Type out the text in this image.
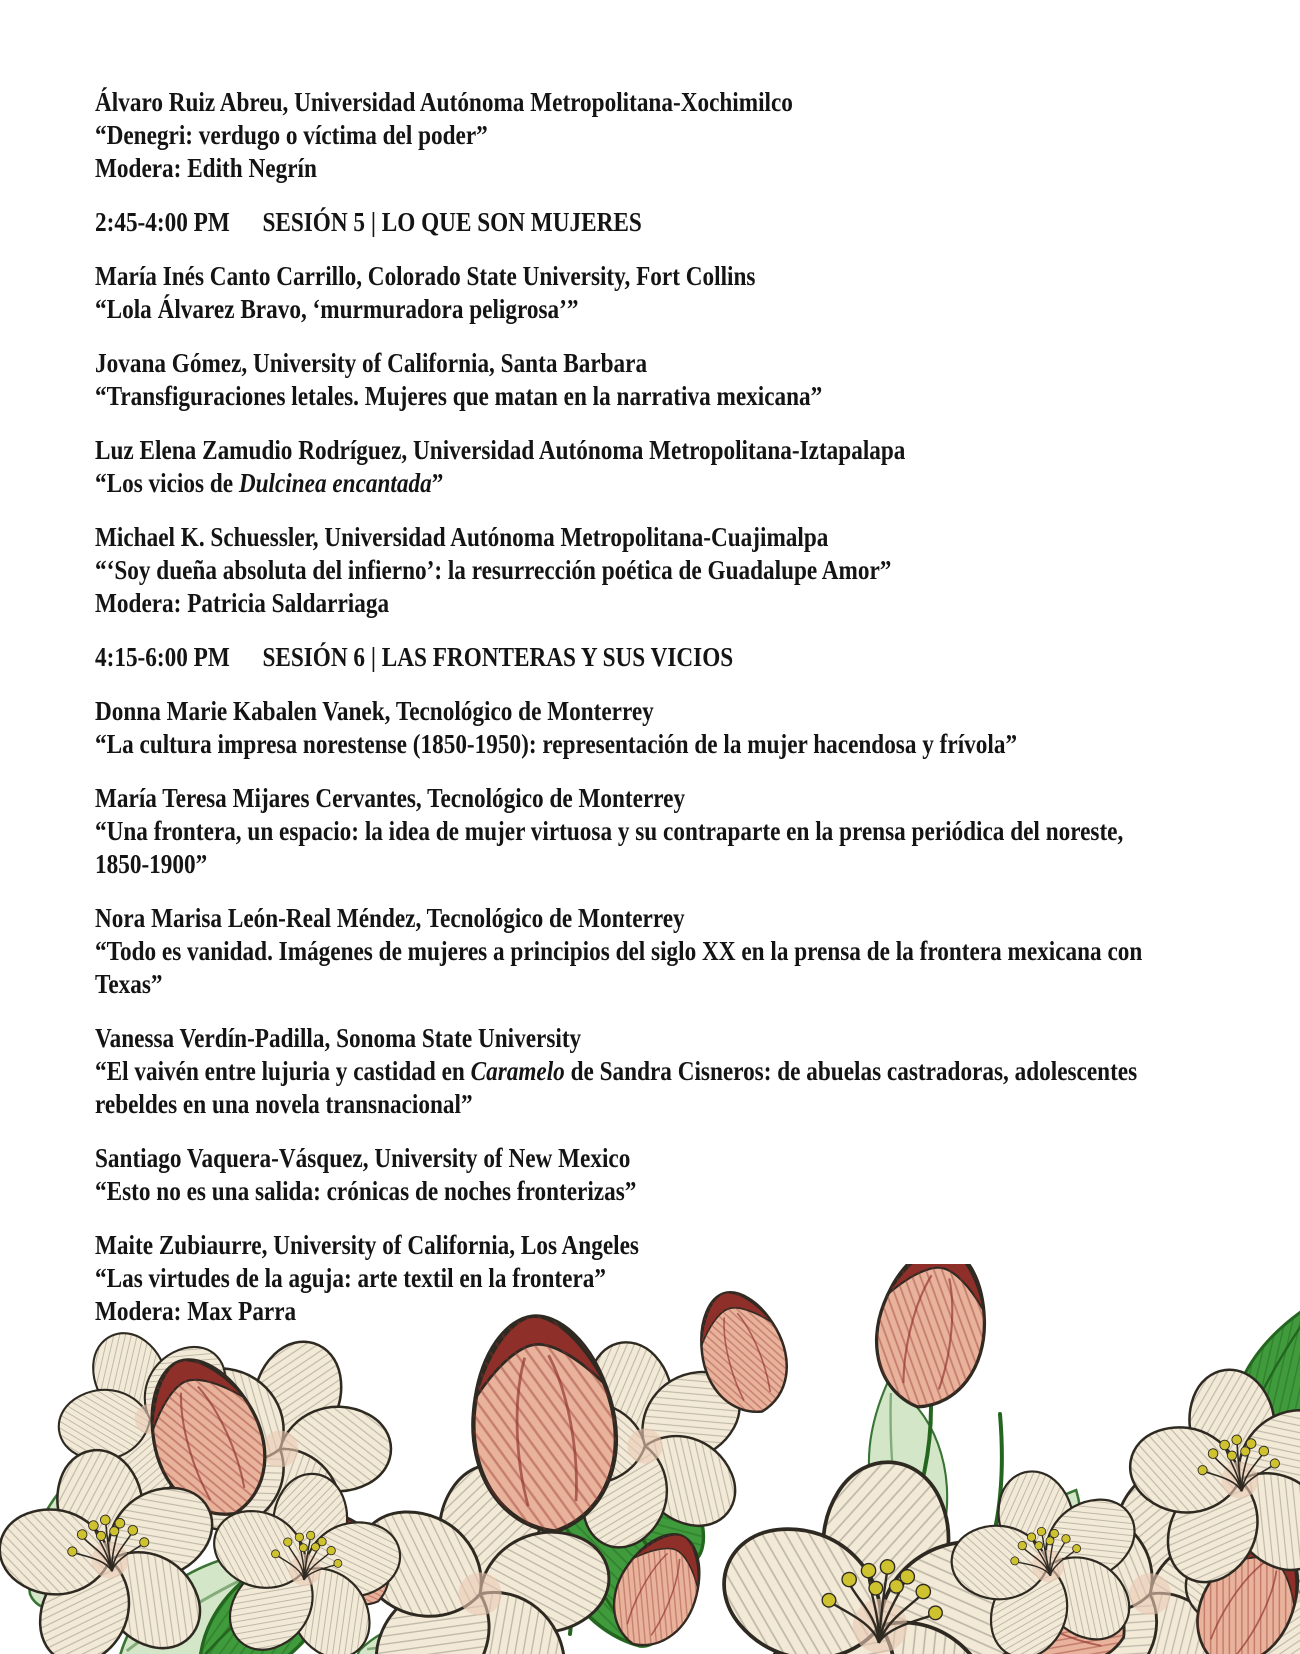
Álvaro Ruiz Abreu, Universidad Autónoma Metropolitana-Xochimilco
“Denegri: verdugo o víctima del poder”
Modera: Edith Negrín
2:45-4:00 PM SESIÓN 5 | LO QUE SON MUJERES
María Inés Canto Carrillo, Colorado State University, Fort Collins
“Lola Álvarez Bravo, ‘murmuradora peligrosa’”
Jovana Gómez, University of California, Santa Barbara
“Transfiguraciones letales. Mujeres que matan en la narrativa mexicana”
Luz Elena Zamudio Rodríguez, Universidad Autónoma Metropolitana-Iztapalapa
“Los vicios de Dulcinea encantada”
Michael K. Schuessler, Universidad Autónoma Metropolitana-Cuajimalpa
“‘Soy dueña absoluta del infierno’: la resurrección poética de Guadalupe Amor”
Modera: Patricia Saldarriaga
4:15-6:00 PM SESIÓN 6 | LAS FRONTERAS Y SUS VICIOS
Donna Marie Kabalen Vanek, Tecnológico de Monterrey
“La cultura impresa norestense (1850-1950): representación de la mujer hacendosa y frívola”
María Teresa Mijares Cervantes, Tecnológico de Monterrey
“Una frontera, un espacio: la idea de mujer virtuosa y su contraparte en la prensa periódica del noreste,
1850-1900”
Nora Marisa León-Real Méndez, Tecnológico de Monterrey
“Todo es vanidad. Imágenes de mujeres a principios del siglo XX en la prensa de la frontera mexicana con
Texas”
Vanessa Verdín-Padilla, Sonoma State University
“El vaivén entre lujuria y castidad en Caramelo de Sandra Cisneros: de abuelas castradoras, adolescentes
rebeldes en una novela transnacional”
Santiago Vaquera-Vásquez, University of New Mexico
“Esto no es una salida: crónicas de noches fronterizas”
Maite Zubiaurre, University of California, Los Angeles
“Las virtudes de la aguja: arte textil en la frontera”
Modera: Max Parra
